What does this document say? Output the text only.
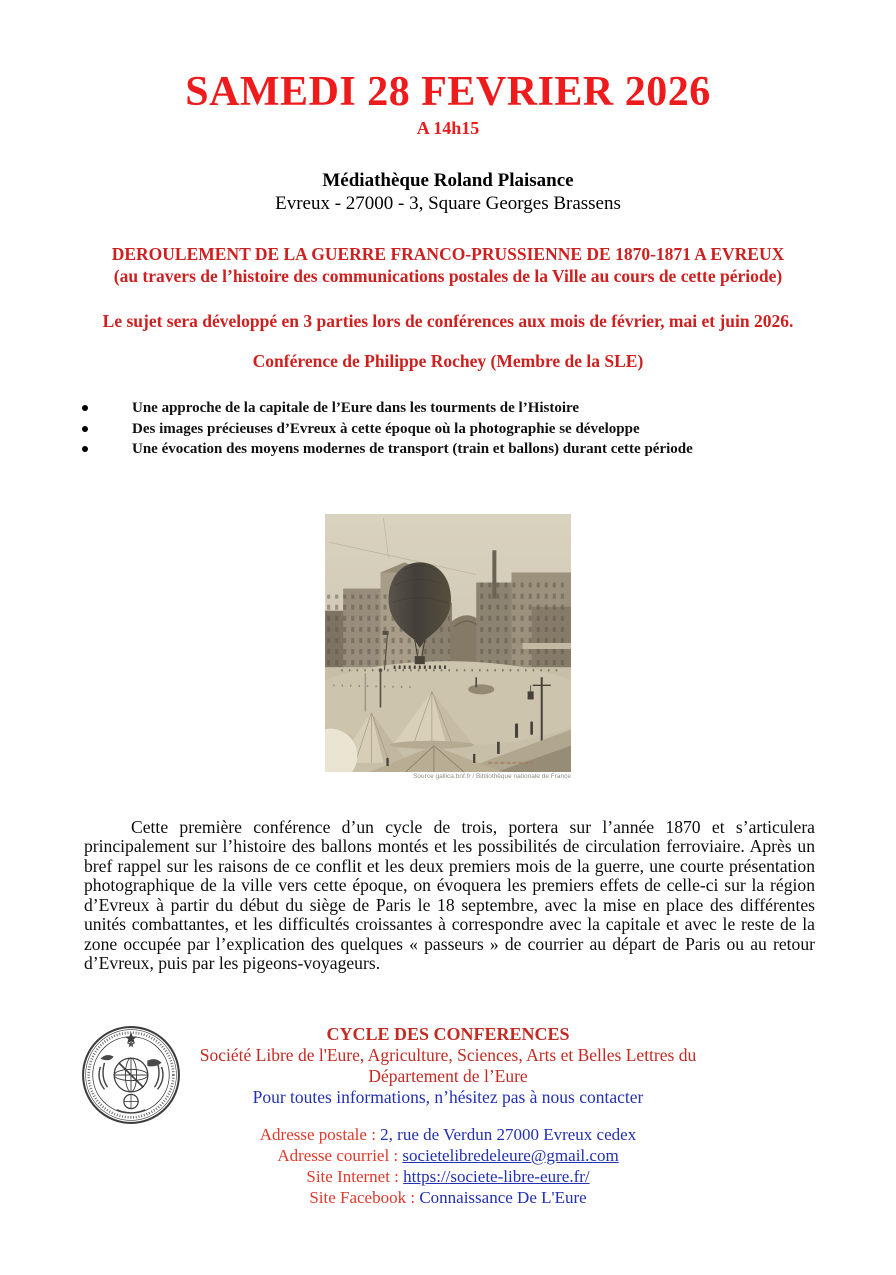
SAMEDI 28 FEVRIER 2026
A 14h15
Médiathèque Roland Plaisance
Evreux - 27000 - 3, Square Georges Brassens
DEROULEMENT DE LA GUERRE FRANCO-PRUSSIENNE DE 1870-1871 A EVREUX
(au travers de l’histoire des communications postales de la Ville au cours de cette période)
Le sujet sera développé en 3 parties lors de conférences aux mois de février, mai et juin 2026.
Conférence de Philippe Rochey (Membre de la SLE)
Une approche de la capitale de l’Eure dans les tourments de l’Histoire
Des images précieuses d’Evreux à cette époque où la photographie se développe
Une évocation des moyens modernes de transport (train et ballons) durant cette période
Source gallica.bnf.fr / Bibliothèque nationale de France

Cette première conférence d’un cycle de trois, portera sur l’année 1870 et s’articulera principalement sur l’histoire des ballons montés et les possibilités de circulation ferroviaire. Après un bref rappel sur les raisons de ce conflit et les deux premiers mois de la guerre, une courte présentation photographique de la ville vers cette époque, on évoquera les premiers effets de celle-ci sur la région d’Evreux à partir du début du siège de Paris le 18 septembre, avec la mise en place des différentes unités combattantes, et les difficultés croissantes à correspondre avec la capitale et avec le reste de la zone occupée par l’explication des quelques « passeurs » de courrier au départ de Paris ou au retour d’Evreux, puis par les pigeons-voyageurs.

CYCLE DES CONFERENCES
Société Libre de l'Eure, Agriculture, Sciences, Arts et Belles Lettres du
Département de l’Eure
Pour toutes informations, n’hésitez pas à nous contacter
Adresse postale : 2, rue de Verdun 27000 Evreux cedex
Adresse courriel : societelibredeleure@gmail.com
Site Internet : https://societe-libre-eure.fr/
Site Facebook : Connaissance De L'Eure
